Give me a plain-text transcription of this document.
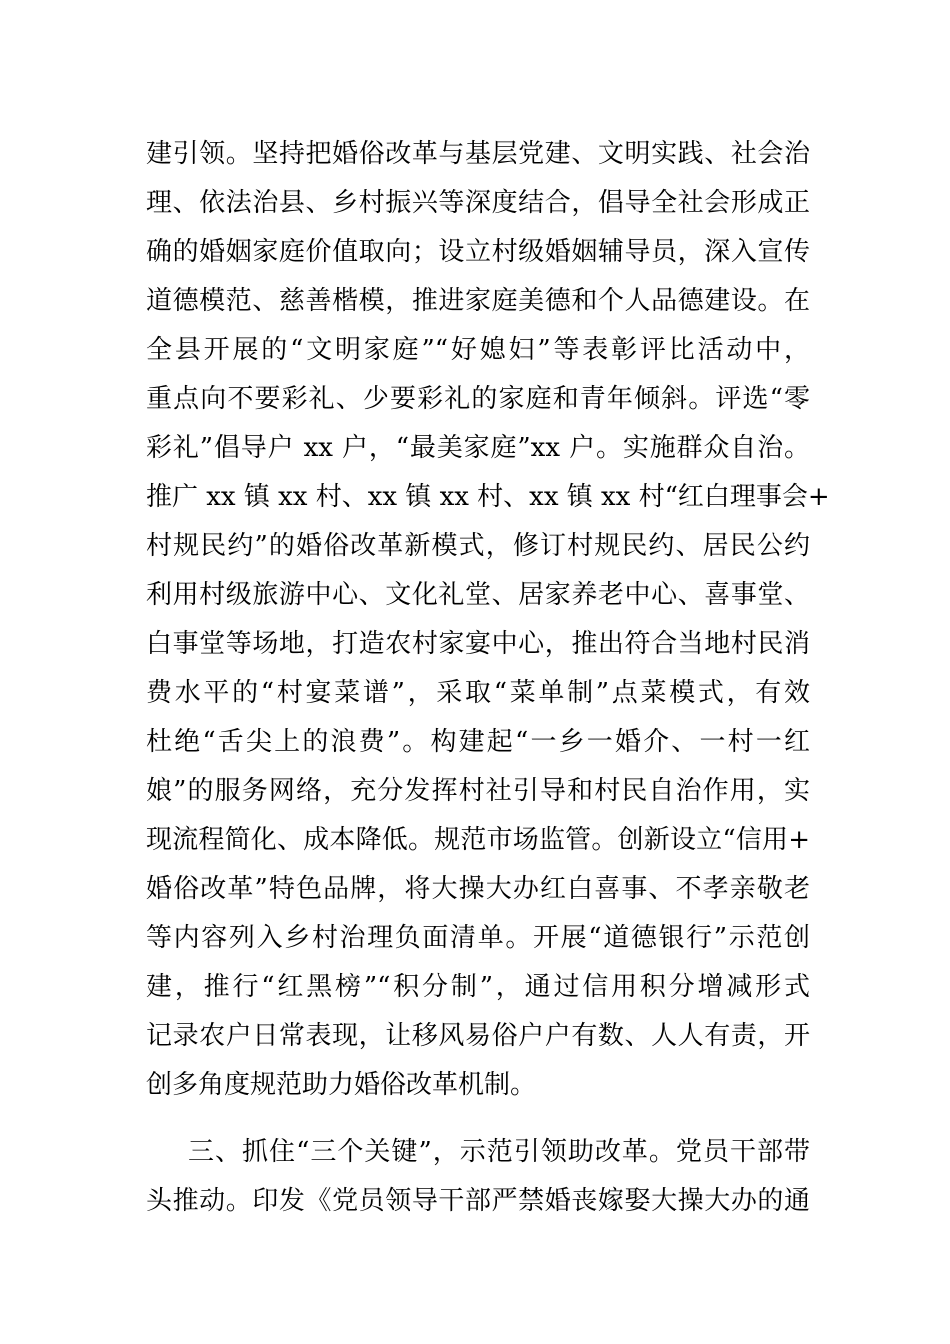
建引领。坚持把婚俗改革与基层党建、文明实践、社会治
理、依法治县、乡村振兴等深度结合，倡导全社会形成正
确的婚姻家庭价值取向；设立村级婚姻辅导员，深入宣传
道德模范、慈善楷模，推进家庭美德和个人品德建设。在
全县开展的“文明家庭”“好媳妇”等表彰评比活动中，
重点向不要彩礼、少要彩礼的家庭和青年倾斜。评选“零
彩礼”倡导户 xx 户，“最美家庭”xx 户。实施群众自治。
推广 xx 镇 xx 村、xx 镇 xx 村、xx 镇 xx 村“红白理事会+
村规民约”的婚俗改革新模式，修订村规民约、居民公约
利用村级旅游中心、文化礼堂、居家养老中心、喜事堂、
白事堂等场地，打造农村家宴中心，推出符合当地村民消
费水平的“村宴菜谱”，采取“菜单制”点菜模式，有效
杜绝“舌尖上的浪费”。构建起“一乡一婚介、一村一红
娘”的服务网络，充分发挥村社引导和村民自治作用，实
现流程简化、成本降低。规范市场监管。创新设立“信用+
婚俗改革”特色品牌，将大操大办红白喜事、不孝亲敬老
等内容列入乡村治理负面清单。开展“道德银行”示范创
建，推行“红黑榜”“积分制”，通过信用积分增减形式
记录农户日常表现，让移风易俗户户有数、人人有责，开
创多角度规范助力婚俗改革机制。
三、抓住“三个关键”，示范引领助改革。党员干部带
头推动。印发《党员领导干部严禁婚丧嫁娶大操大办的通
